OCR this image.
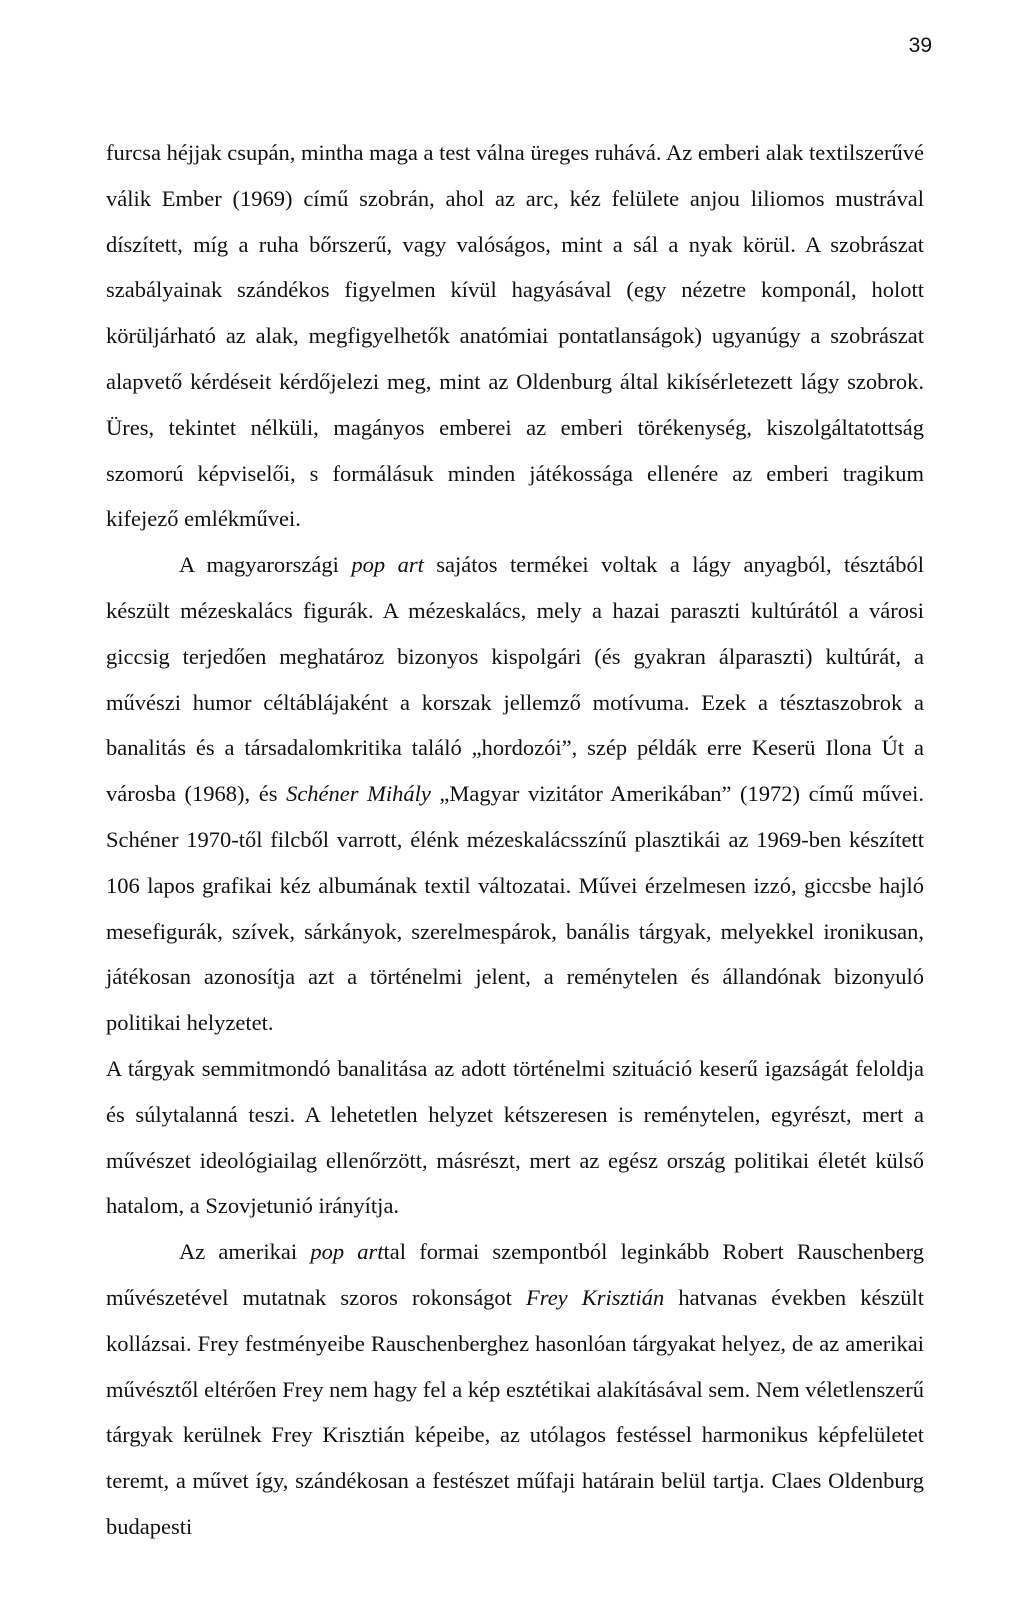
39

furcsa héjjak csupán, mintha maga a test válna üreges ruhává. Az emberi alak textilszerűvé válik Ember (1969) című szobrán, ahol az arc, kéz felülete anjou liliomos mustrával díszített, míg a ruha bőrszerű, vagy valóságos, mint a sál a nyak körül. A szobrászat szabályainak szándékos figyelmen kívül hagyásával (egy nézetre komponál, holott körüljárható az alak, megfigyelhetők anatómiai pontatlanságok) ugyanúgy a szobrászat alapvető kérdéseit kérdőjelezi meg, mint az Oldenburg által kikísérletezett lágy szobrok. Üres, tekintet nélküli, magányos emberei az emberi törékenység, kiszolgáltatottság szomorú képviselői, s formálásuk minden játékossága ellenére az emberi tragikum kifejező emlékművei.

A magyarországi pop art sajátos termékei voltak a lágy anyagból, tésztából készült mézeskalács figurák. A mézeskalács, mely a hazai paraszti kultúrától a városi giccsig terjedően meghatároz bizonyos kispolgári (és gyakran álparaszti) kultúrát, a művészi humor céltáblájaként a korszak jellemző motívuma. Ezek a tésztaszobrok a banalitás és a társadalomkritika találó „hordozói”, szép példák erre Keserü Ilona Út a városba (1968), és Schéner Mihály „Magyar vizitátor Amerikában” (1972) című művei. Schéner 1970-től filcből varrott, élénk mézeskalácsszínű plasztikái az 1969-ben készített 106 lapos grafikai kéz albumának textil változatai. Művei érzelmesen izzó, giccsbe hajló mesefigurák, szívek, sárkányok, szerelmespárok, banális tárgyak, melyekkel ironikusan, játékosan azonosítja azt a történelmi jelent, a reménytelen és állandónak bizonyuló politikai helyzetet.

A tárgyak semmitmondó banalitása az adott történelmi szituáció keserű igazságát feloldja és súlytalanná teszi. A lehetetlen helyzet kétszeresen is reménytelen, egyrészt, mert a művészet ideológiailag ellenőrzött, másrészt, mert az egész ország politikai életét külső hatalom, a Szovjetunió irányítja.

Az amerikai pop arttal formai szempontból leginkább Robert Rauschenberg művészetével mutatnak szoros rokonságot Frey Krisztián hatvanas években készült kollázsai. Frey festményeibe Rauschenberghez hasonlóan tárgyakat helyez, de az amerikai művésztől eltérően Frey nem hagy fel a kép esztétikai alakításával sem. Nem véletlenszerű tárgyak kerülnek Frey Krisztián képeibe, az utólagos festéssel harmonikus képfelületet teremt, a művet így, szándékosan a festészet műfaji határain belül tartja. Claes Oldenburg budapesti
